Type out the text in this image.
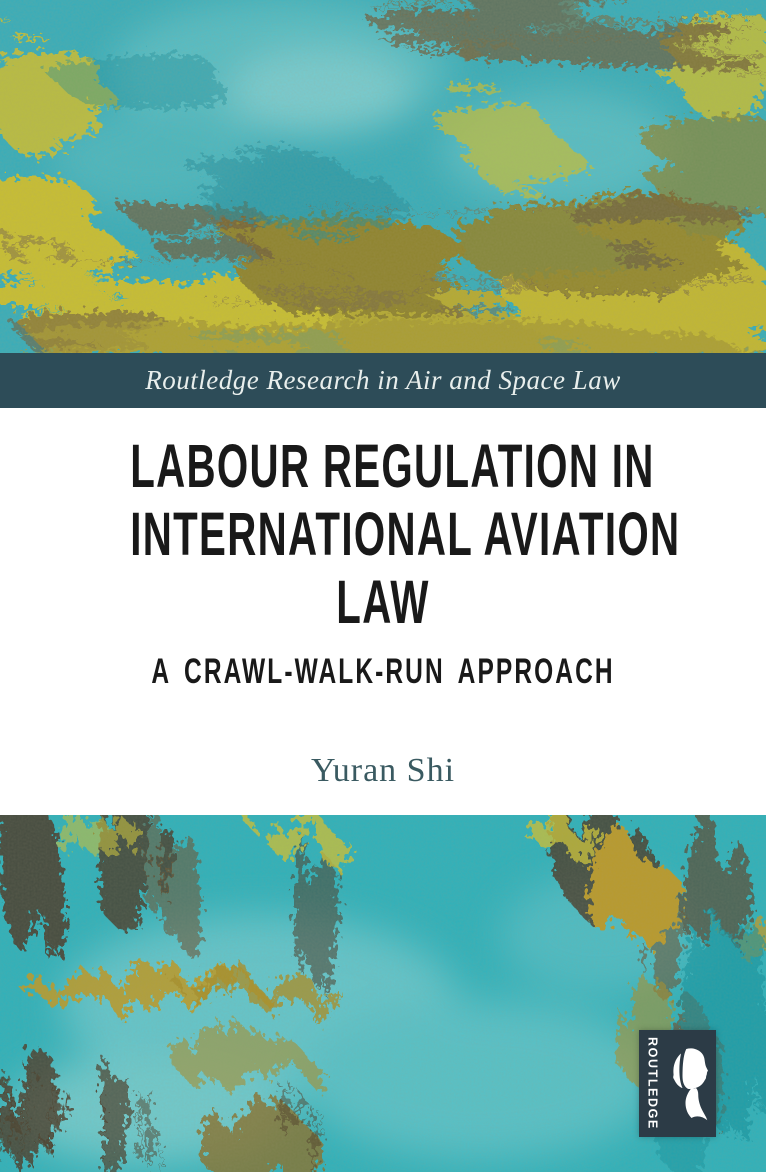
Routledge Research in Air and Space Law
LABOUR REGULATION IN
INTERNATIONAL AVIATION
LAW
A CRAWL-WALK-RUN APPROACH
Yuran Shi
ROUTLEDGE
